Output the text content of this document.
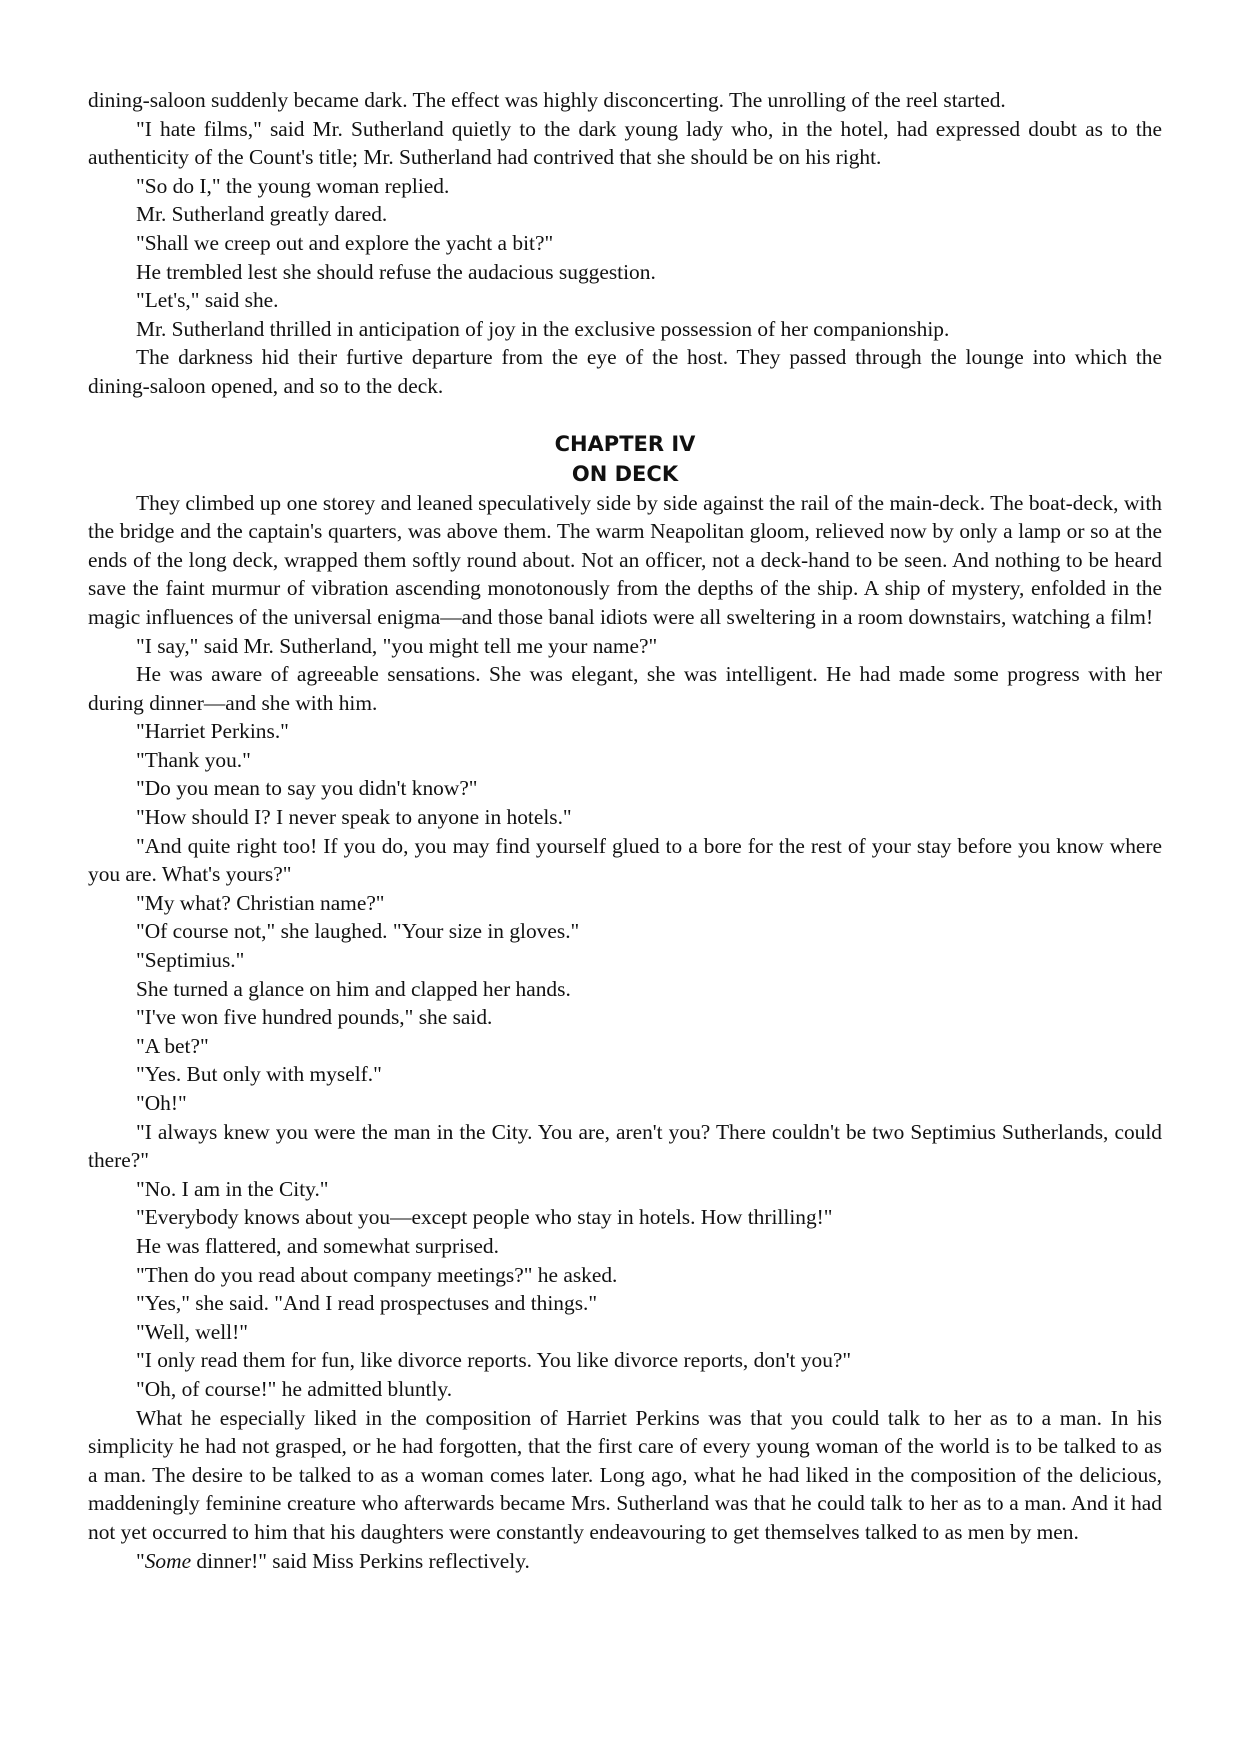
dining-saloon suddenly became dark. The effect was highly disconcerting. The unrolling of the reel started.

"I hate films," said Mr. Sutherland quietly to the dark young lady who, in the hotel, had expressed doubt as to the authenticity of the Count's title; Mr. Sutherland had contrived that she should be on his right.

"So do I," the young woman replied.

Mr. Sutherland greatly dared.

"Shall we creep out and explore the yacht a bit?"

He trembled lest she should refuse the audacious suggestion.

"Let's," said she.

Mr. Sutherland thrilled in anticipation of joy in the exclusive possession of her companionship.

The darkness hid their furtive departure from the eye of the host. They passed through the lounge into which the dining-saloon opened, and so to the deck.

CHAPTER IV
ON DECK

They climbed up one storey and leaned speculatively side by side against the rail of the main-deck. The boat-deck, with the bridge and the captain's quarters, was above them. The warm Neapolitan gloom, relieved now by only a lamp or so at the ends of the long deck, wrapped them softly round about. Not an officer, not a deck-hand to be seen. And nothing to be heard save the faint murmur of vibration ascending monotonously from the depths of the ship. A ship of mystery, enfolded in the magic influences of the universal enigma—and those banal idiots were all sweltering in a room downstairs, watching a film!

"I say," said Mr. Sutherland, "you might tell me your name?"

He was aware of agreeable sensations. She was elegant, she was intelligent. He had made some progress with her during dinner—and she with him.

"Harriet Perkins."

"Thank you."

"Do you mean to say you didn't know?"

"How should I? I never speak to anyone in hotels."

"And quite right too! If you do, you may find yourself glued to a bore for the rest of your stay before you know where you are. What's yours?"

"My what? Christian name?"

"Of course not," she laughed. "Your size in gloves."

"Septimius."

She turned a glance on him and clapped her hands.

"I've won five hundred pounds," she said.

"A bet?"

"Yes. But only with myself."

"Oh!"

"I always knew you were the man in the City. You are, aren't you? There couldn't be two Septimius Sutherlands, could there?"

"No. I am in the City."

"Everybody knows about you—except people who stay in hotels. How thrilling!"

He was flattered, and somewhat surprised.

"Then do you read about company meetings?" he asked.

"Yes," she said. "And I read prospectuses and things."

"Well, well!"

"I only read them for fun, like divorce reports. You like divorce reports, don't you?"

"Oh, of course!" he admitted bluntly.

What he especially liked in the composition of Harriet Perkins was that you could talk to her as to a man. In his simplicity he had not grasped, or he had forgotten, that the first care of every young woman of the world is to be talked to as a man. The desire to be talked to as a woman comes later. Long ago, what he had liked in the composition of the delicious, maddeningly feminine creature who afterwards became Mrs. Sutherland was that he could talk to her as to a man. And it had not yet occurred to him that his daughters were constantly endeavouring to get themselves talked to as men by men.

"Some dinner!" said Miss Perkins reflectively.
